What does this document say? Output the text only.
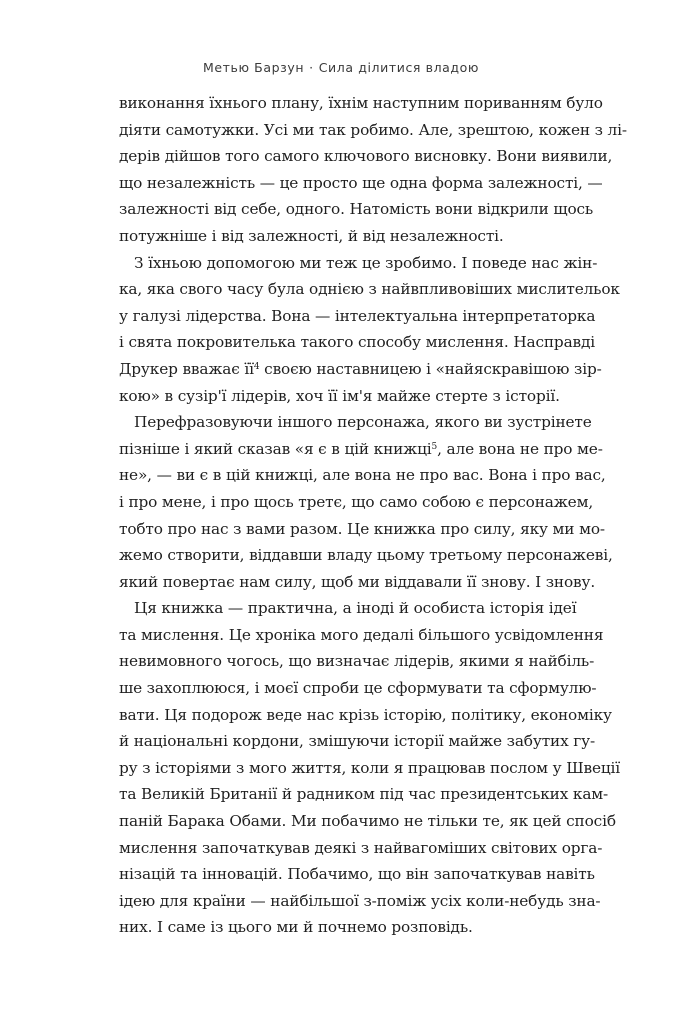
Метью Барзун · Сила ділитися владою
виконання їхнього плану, їхнім наступним пориванням було
діяти самотужки. Усі ми так робимо. Але, зрештою, кожен з лі-
дерів дійшов того самого ключового висновку. Вони виявили,
що незалежність — це просто ще одна форма залежності, —
залежності від себе, одного. Натомість вони відкрили щось
потужніше і від залежності, й від незалежності.
З їхньою допомогою ми теж це зробимо. І поведе нас жін-
ка, яка свого часу була однією з найвпливовіших мислительок
у галузі лідерства. Вона — інтелектуальна інтерпретаторка
і свята покровителька такого способу мислення. Насправді
Друкер вважає $її^4$ своєю наставницею і «найяскравішою зір-
кою» в сузір'ї лідерів, хоч її ім'я майже стерте з історії.
Перефразовуючи іншого персонажа, якого ви зустрінете
пізніше і який сказав «я є в цій книжці$^5$, але вона не про ме-
не», — ви є в цій книжці, але вона не про вас. Вона і про вас,
і про мене, і про щось третє, що само собою є персонажем,
тобто про нас з вами разом. Це книжка про силу, яку ми мо-
жемо створити, віддавши владу цьому третьому персонажеві,
який повертає нам силу, щоб ми віддавали її знову. І знову.
Ця книжка — практична, а іноді й особиста історія ідеї
та мислення. Це хроніка мого дедалі більшого усвідомлення
невимовного чогось, що визначає лідерів, якими я найбіль-
ше захоплююся, і моєї спроби це сформувати та сформулю-
вати. Ця подорож веде нас крізь історію, політику, економіку
й національні кордони, змішуючи історії майже забутих гу-
ру з історіями з мого життя, коли я працював послом у Швеції
та Великій Британії й радником під час президентських кам-
паній Барака Обами. Ми побачимо не тільки те, як цей спосіб
мислення започаткував деякі з найвагоміших світових орга-
нізацій та інновацій. Побачимо, що він започаткував навіть
ідею для країни — найбільшої з-поміж усіх коли-небудь зна-
них. І саме із цього ми й почнемо розповідь.
